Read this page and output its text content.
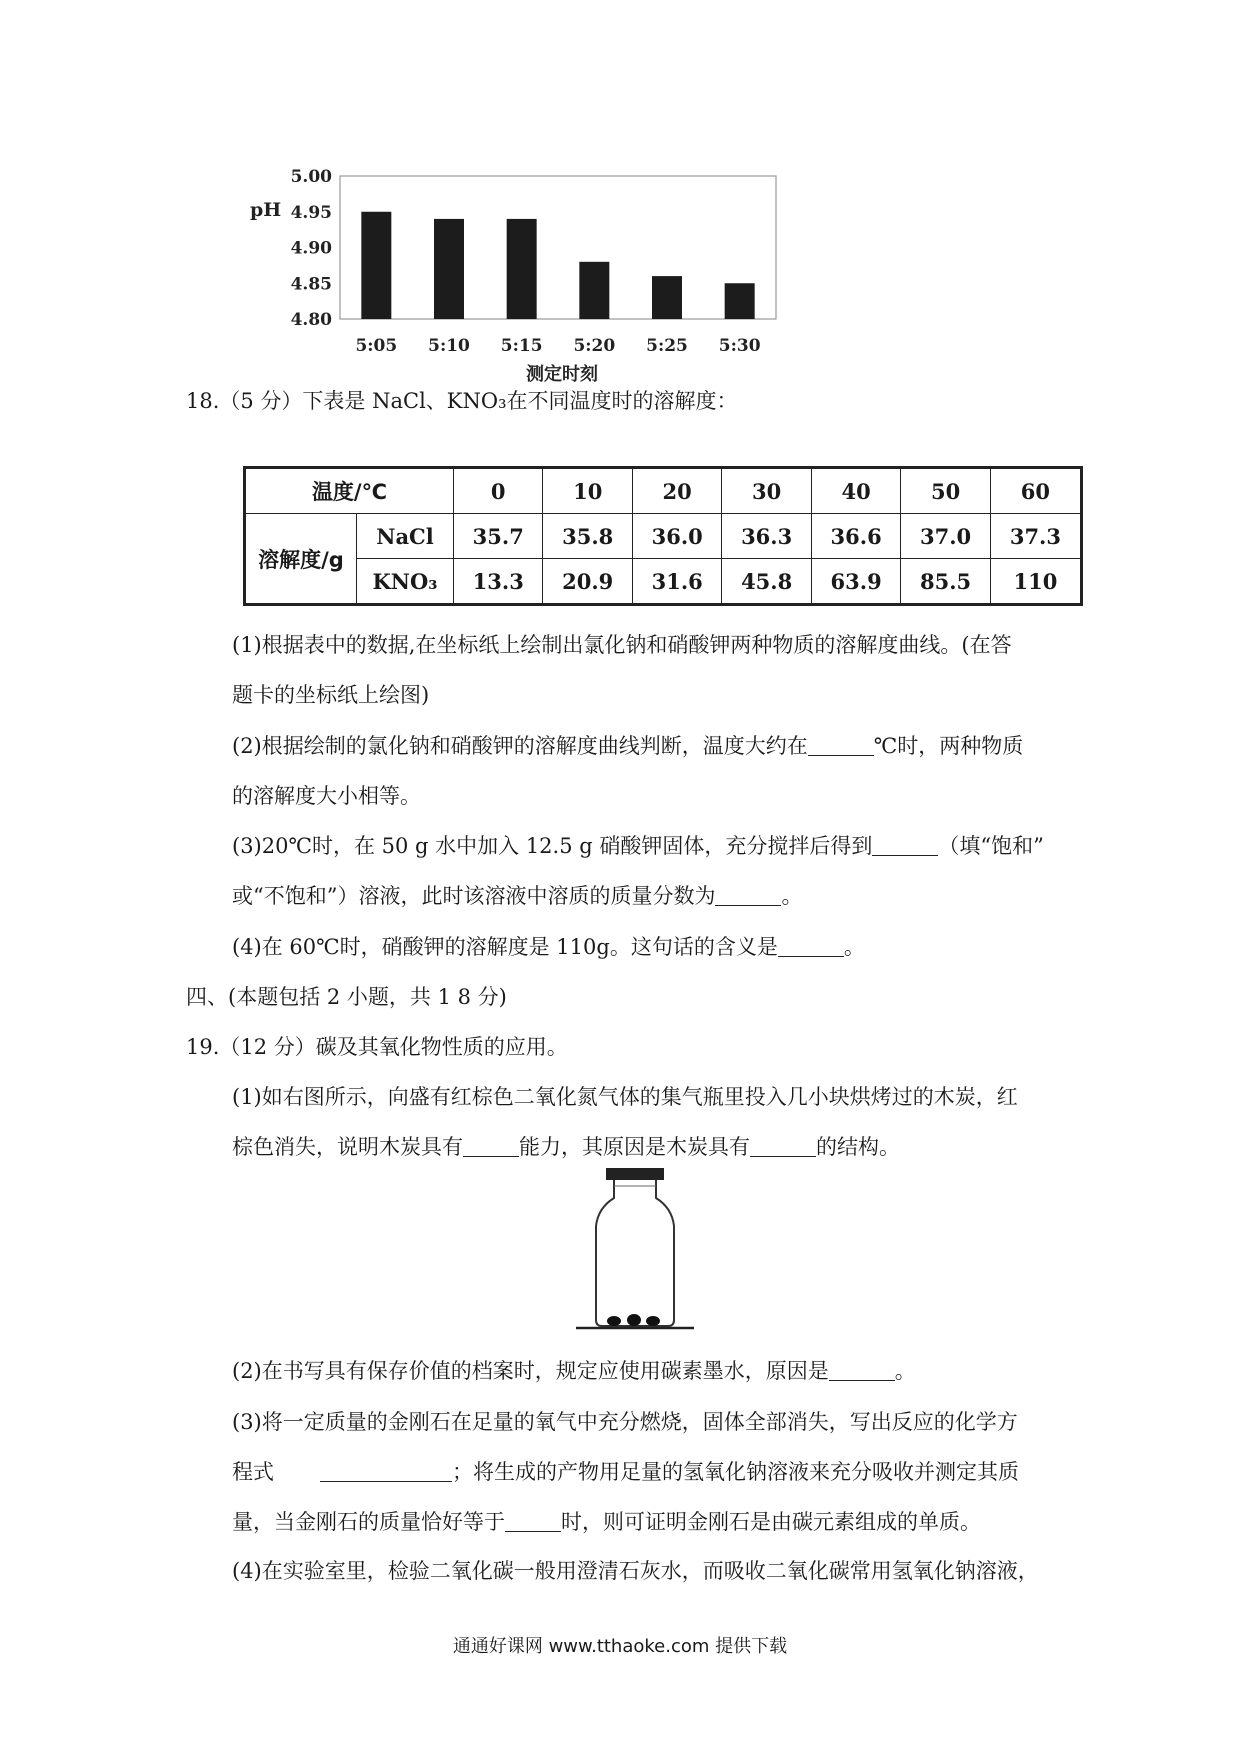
5.00
4.95
4.90
4.85
4.80
5:05 5:10 5:15 5:20 5:25 5:30
pH
测定时刻
18.（5 分）下表是 NaCl、KNO₃在不同温度时的溶解度：
温度/℃		0	10	20	30	40	50	60
溶解度/g	NaCl	35.7	35.8	36.0	36.3	36.6	37.0	37.3
	KNO₃	13.3	20.9	31.6	45.8	63.9	85.5	110
(1)根据表中的数据,在坐标纸上绘制出氯化钠和硝酸钾两种物质的溶解度曲线。(在答
题卡的坐标纸上绘图)
(2)根据绘制的氯化钠和硝酸钾的溶解度曲线判断，温度大约在	℃时，两种物质
的溶解度大小相等。
(3)20℃时，在 50 g 水中加入 12.5 g 硝酸钾固体，充分搅拌后得到	（填“饱和”
或“不饱和”）溶液，此时该溶液中溶质的质量分数为	。
(4)在 60℃时，硝酸钾的溶解度是 110g。这句话的含义是	。
四、(本题包括 2 小题，共 1 8 分)
19.（12 分）碳及其氧化物性质的应用。
(1)如右图所示，向盛有红棕色二氧化氮气体的集气瓶里投入几小块烘烤过的木炭，红
棕色消失，说明木炭具有	能力，其原因是木炭具有	的结构。
(2)在书写具有保存价值的档案时，规定应使用碳素墨水，原因是	。
(3)将一定质量的金刚石在足量的氧气中充分燃烧，固体全部消失，写出反应的化学方
程式	；将生成的产物用足量的氢氧化钠溶液来充分吸收并测定其质
量，当金刚石的质量恰好等于	时，则可证明金刚石是由碳元素组成的单质。
(4)在实验室里，检验二氧化碳一般用澄清石灰水，而吸收二氧化碳常用氢氧化钠溶液，
通通好课网 www.tthaoke.com 提供下载
